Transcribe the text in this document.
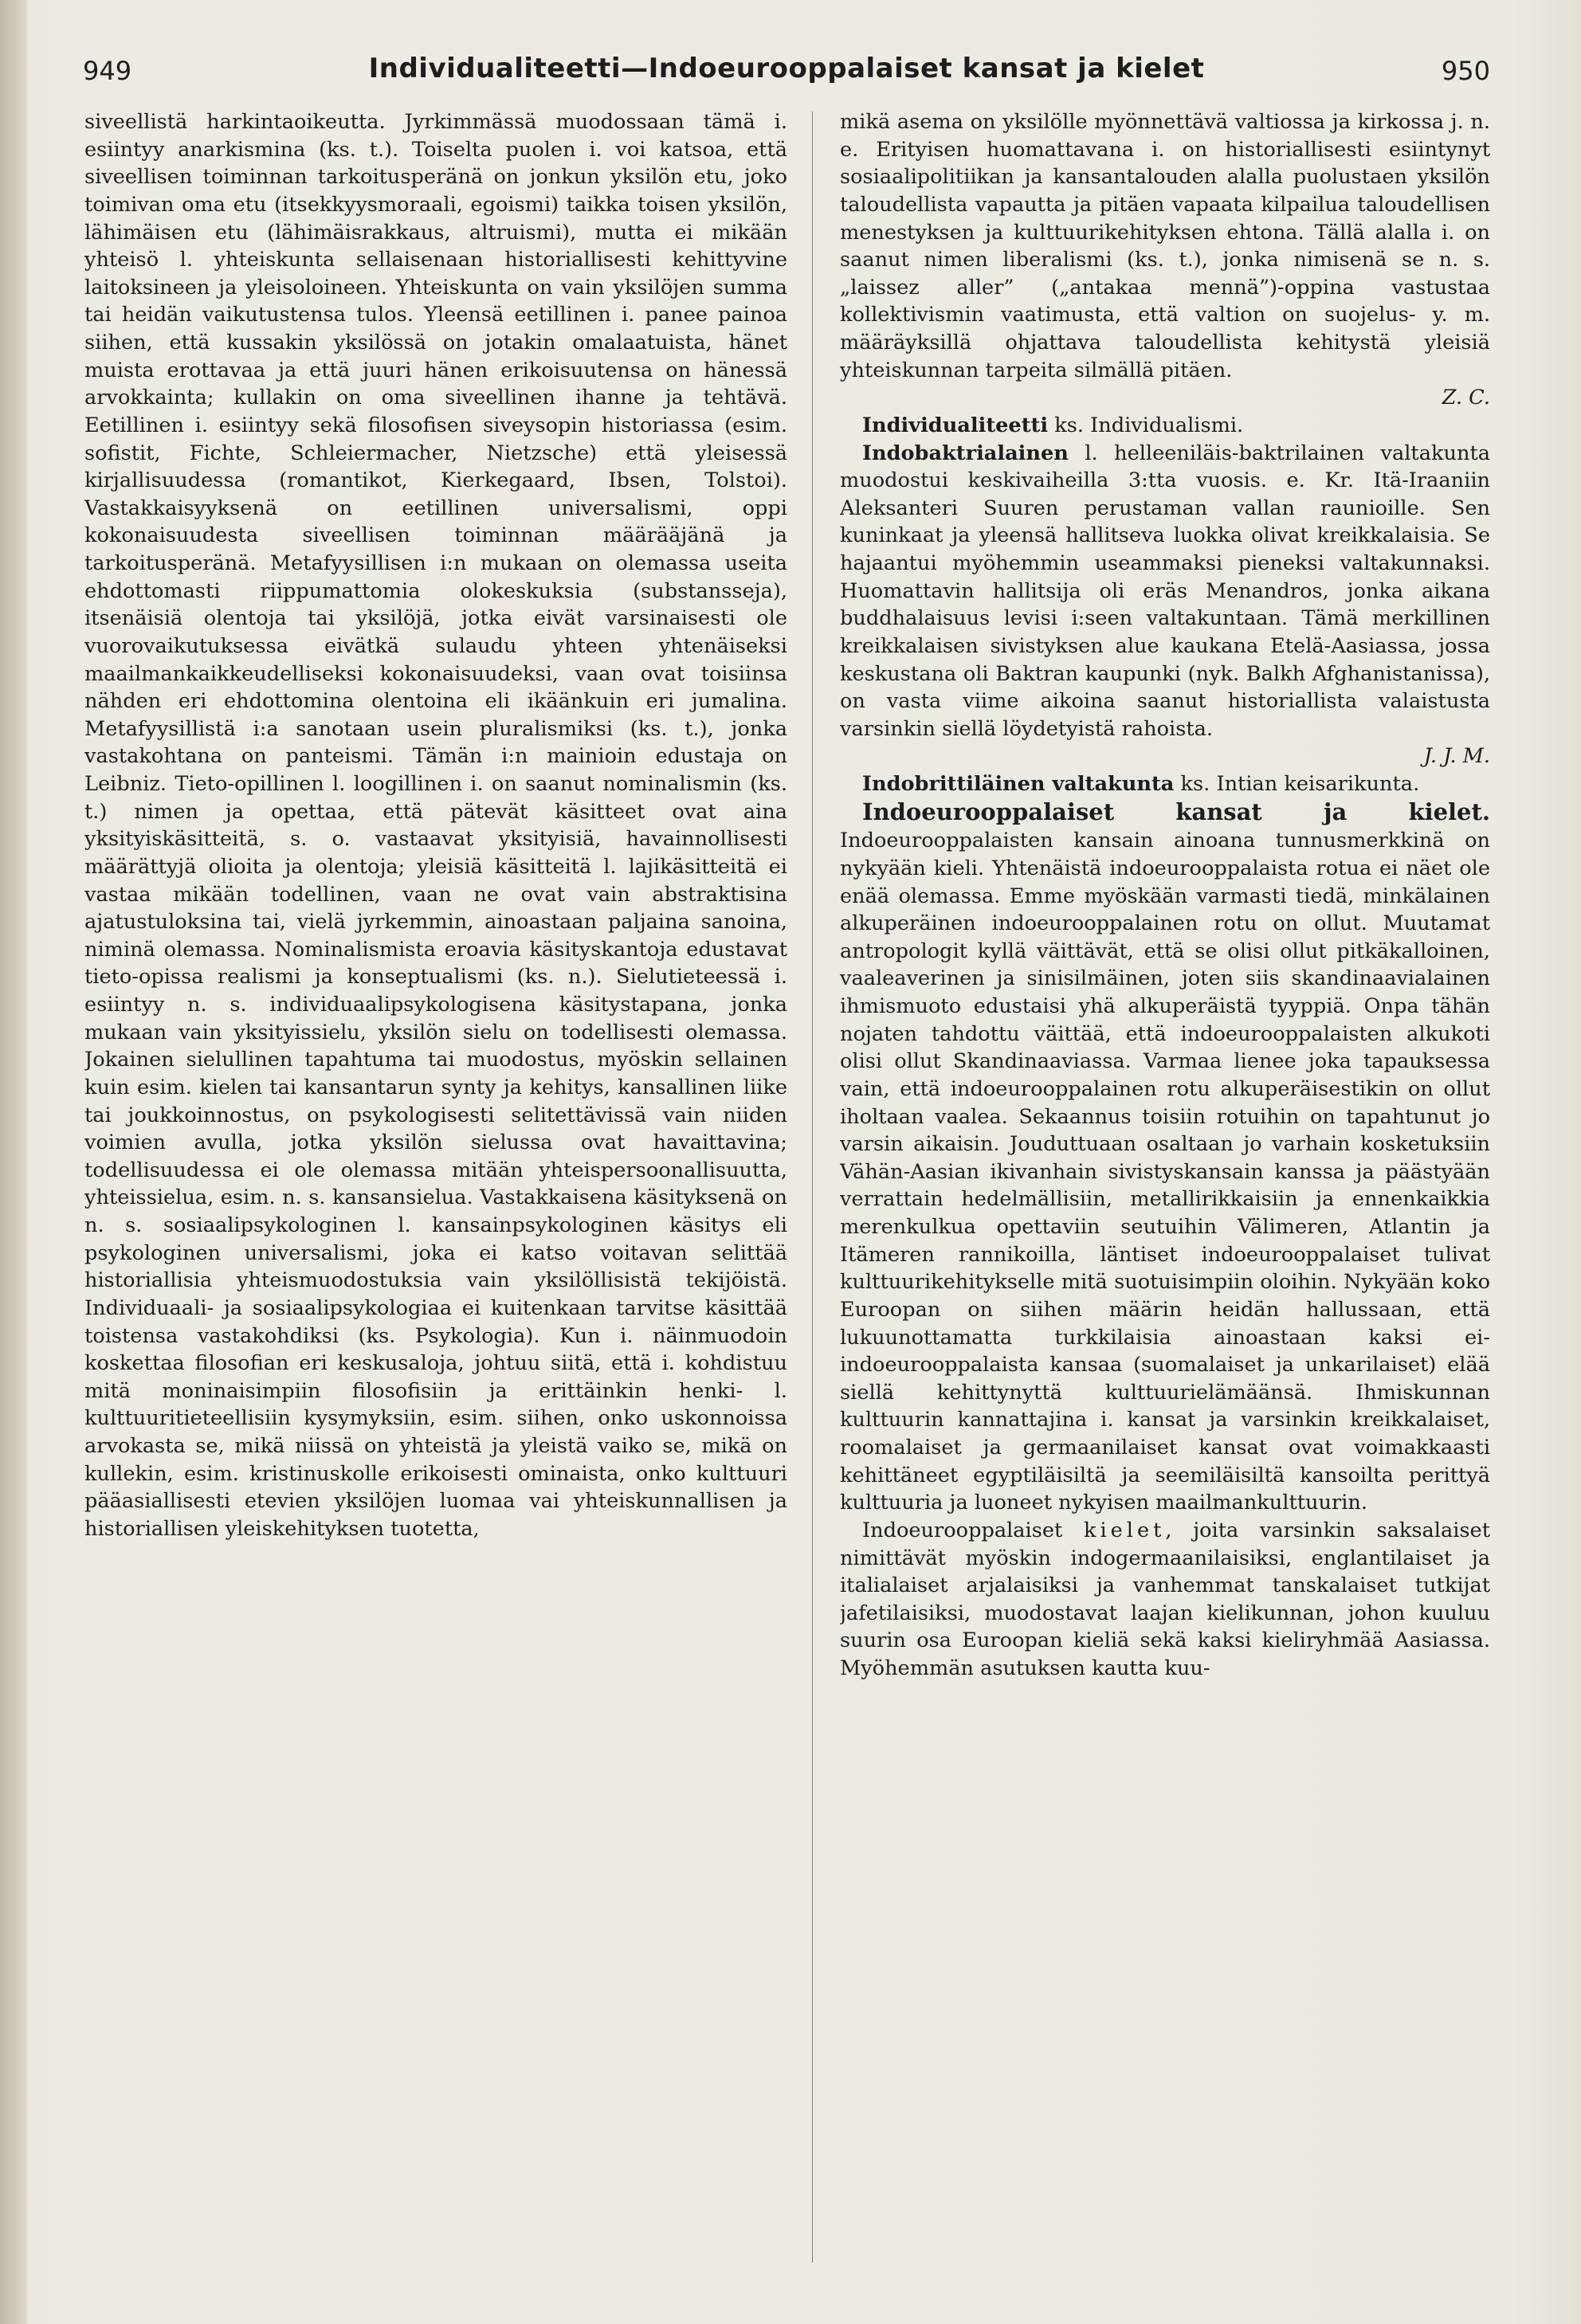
949	Individualiteetti—Indoeurooppalaiset kansat ja kielet	950

siveellistä harkintaoikeutta. Jyrkimmässä muodossaan tämä i. esiintyy anarkismina (ks. t.). Toiselta puolen i. voi katsoa, että siveellisen toiminnan tarkoitusperänä on jonkun yksilön etu, joko toimivan oma etu (itsekkyysmoraali, egoismi) taikka toisen yksilön, lähimäisen etu (lähimäisrakkaus, altruismi), mutta ei mikään yhteisö l. yhteiskunta sellaisenaan historiallisesti kehittyvine laitoksineen ja yleisoloineen. Yhteiskunta on vain yksilöjen summa tai heidän vaikutustensa tulos. Yleensä eetillinen i. panee painoa siihen, että kussakin yksilössä on jotakin omalaatuista, hänet muista erottavaa ja että juuri hänen erikoisuutensa on hänessä arvokkainta; kullakin on oma siveellinen ihanne ja tehtävä. Eetillinen i. esiintyy sekä filosofisen siveysopin historiassa (esim. sofistit, Fichte, Schleiermacher, Nietzsche) että yleisessä kirjallisuudessa (romantikot, Kierkegaard, Ibsen, Tolstoi). Vastakkaisyyksenä on eetillinen universalismi, oppi kokonaisuudesta siveellisen toiminnan määrääjänä ja tarkoitusperänä. Metafyysillisen i:n mukaan on olemassa useita ehdottomasti riippumattomia olokeskuksia (substansseja), itsenäisiä olentoja tai yksilöjä, jotka eivät varsinaisesti ole vuorovaikutuksessa eivätkä sulaudu yhteen yhtenäiseksi maailmankaikkeudelliseksi kokonaisuudeksi, vaan ovat toisiinsa nähden eri ehdottomina olentoina eli ikäänkuin eri jumalina. Metafyysillistä i:a sanotaan usein pluralismiksi (ks. t.), jonka vastakohtana on panteismi. Tämän i:n mainioin edustaja on Leibniz. Tieto-opillinen l. loogillinen i. on saanut nominalismin (ks. t.) nimen ja opettaa, että pätevät käsitteet ovat aina yksityiskäsitteitä, s. o. vastaavat yksityisiä, havainnollisesti määrättyjä olioita ja olentoja; yleisiä käsitteitä l. lajikäsitteitä ei vastaa mikään todellinen, vaan ne ovat vain abstraktisina ajatustuloksina tai, vielä jyrkemmin, ainoastaan paljaina sanoina, niminä olemassa. Nominalismista eroavia käsityskantoja edustavat tieto-opissa realismi ja konseptualismi (ks. n.). Sielutieteessä i. esiintyy n. s. individuaalipsykologisena käsitystapana, jonka mukaan vain yksityissielu, yksilön sielu on todellisesti olemassa. Jokainen sielullinen tapahtuma tai muodostus, myöskin sellainen kuin esim. kielen tai kansantarun synty ja kehitys, kansallinen liike tai joukkoinnostus, on psykologisesti selitettävissä vain niiden voimien avulla, jotka yksilön sielussa ovat havaittavina; todellisuudessa ei ole olemassa mitään yhteispersoonallisuutta, yhteissielua, esim. n. s. kansansielua. Vastakkaisena käsityksenä on n. s. sosiaalipsykologinen l. kansainpsykologinen käsitys eli psykologinen universalismi, joka ei katso voitavan selittää historiallisia yhteismuodostuksia vain yksilöllisistä tekijöistä. Individuaali- ja sosiaalipsykologiaa ei kuitenkaan tarvitse käsittää toistensa vastakohdiksi (ks. Psykologia). Kun i. näinmuodoin koskettaa filosofian eri keskusaloja, johtuu siitä, että i. kohdistuu mitä moninaisimpiin filosofisiin ja erittäinkin henki- l. kulttuuritieteellisiin kysymyksiin, esim. siihen, onko uskonnoissa arvokasta se, mikä niissä on yhteistä ja yleistä vaiko se, mikä on kullekin, esim. kristinuskolle erikoisesti ominaista, onko kulttuuri pääasiallisesti etevien yksilöjen luomaa vai yhteiskunnallisen ja historiallisen yleiskehityksen tuotetta,

mikä asema on yksilölle myönnettävä valtiossa ja kirkossa j. n. e. Erityisen huomattavana i. on historiallisesti esiintynyt sosiaalipolitiikan ja kansantalouden alalla puolustaen yksilön taloudellista vapautta ja pitäen vapaata kilpailua taloudellisen menestyksen ja kulttuurikehityksen ehtona. Tällä alalla i. on saanut nimen liberalismi (ks. t.), jonka nimisenä se n. s. „laissez aller” („antakaa mennä”)-oppina vastustaa kollektivismin vaatimusta, että valtion on suojelus- y. m. määräyksillä ohjattava taloudellista kehitystä yleisiä yhteiskunnan tarpeita silmällä pitäen.

Z. C.

Individualiteetti ks. Individualismi.

Indobaktrialainen l. helleeniläis-baktrilainen valtakunta muodostui keskivaiheilla 3:tta vuosis. e. Kr. Itä-Iraaniin Aleksanteri Suuren perustaman vallan raunioille. Sen kuninkaat ja yleensä hallitseva luokka olivat kreikkalaisia. Se hajaantui myöhemmin useammaksi pieneksi valtakunnaksi. Huomattavin hallitsija oli eräs Menandros, jonka aikana buddhalaisuus levisi i:seen valtakuntaan. Tämä merkillinen kreikkalaisen sivistyksen alue kaukana Etelä-Aasiassa, jossa keskustana oli Baktran kaupunki (nyk. Balkh Afghanistanissa), on vasta viime aikoina saanut historiallista valaistusta varsinkin siellä löydetyistä rahoista.

J. J. M.

Indobrittiläinen valtakunta ks. Intian keisarikunta.

Indoeurooppalaiset kansat ja kielet. Indoeurooppalaisten kansain ainoana tunnusmerkkinä on nykyään kieli. Yhtenäistä indoeurooppalaista rotua ei näet ole enää olemassa. Emme myöskään varmasti tiedä, minkälainen alkuperäinen indoeurooppalainen rotu on ollut. Muutamat antropologit kyllä väittävät, että se olisi ollut pitkäkalloinen, vaaleaverinen ja sinisilmäinen, joten siis skandinaavialainen ihmismuoto edustaisi yhä alkuperäistä tyyppiä. Onpa tähän nojaten tahdottu väittää, että indoeurooppalaisten alkukoti olisi ollut Skandinaaviassa. Varmaa lienee joka tapauksessa vain, että indoeurooppalainen rotu alkuperäisestikin on ollut iholtaan vaalea. Sekaannus toisiin rotuihin on tapahtunut jo varsin aikaisin. Jouduttuaan osaltaan jo varhain kosketuksiin Vähän-Aasian ikivanhain sivistyskansain kanssa ja päästyään verrattain hedelmällisiin, metallirikkaisiin ja ennenkaikkia merenkulkua opettaviin seutuihin Välimeren, Atlantin ja Itämeren rannikoilla, läntiset indoeurooppalaiset tulivat kulttuurikehitykselle mitä suotuisimpiin oloihin. Nykyään koko Euroopan on siihen määrin heidän hallussaan, että lukuunottamatta turkkilaisia ainoastaan kaksi ei-indoeurooppalaista kansaa (suomalaiset ja unkarilaiset) elää siellä kehittynyttä kulttuurielämäänsä. Ihmiskunnan kulttuurin kannattajina i. kansat ja varsinkin kreikkalaiset, roomalaiset ja germaanilaiset kansat ovat voimakkaasti kehittäneet egyptiläisiltä ja seemiläisiltä kansoilta perittyä kulttuuria ja luoneet nykyisen maailmankulttuurin.

Indoeurooppalaiset kielet, joita varsinkin saksalaiset nimittävät myöskin indogermaanilaisiksi, englantilaiset ja italialaiset arjalaisiksi ja vanhemmat tanskalaiset tutkijat jafetilaisiksi, muodostavat laajan kielikunnan, johon kuuluu suurin osa Euroopan kieliä sekä kaksi kieliryhmää Aasiassa. Myöhemmän asutuksen kautta kuu-
